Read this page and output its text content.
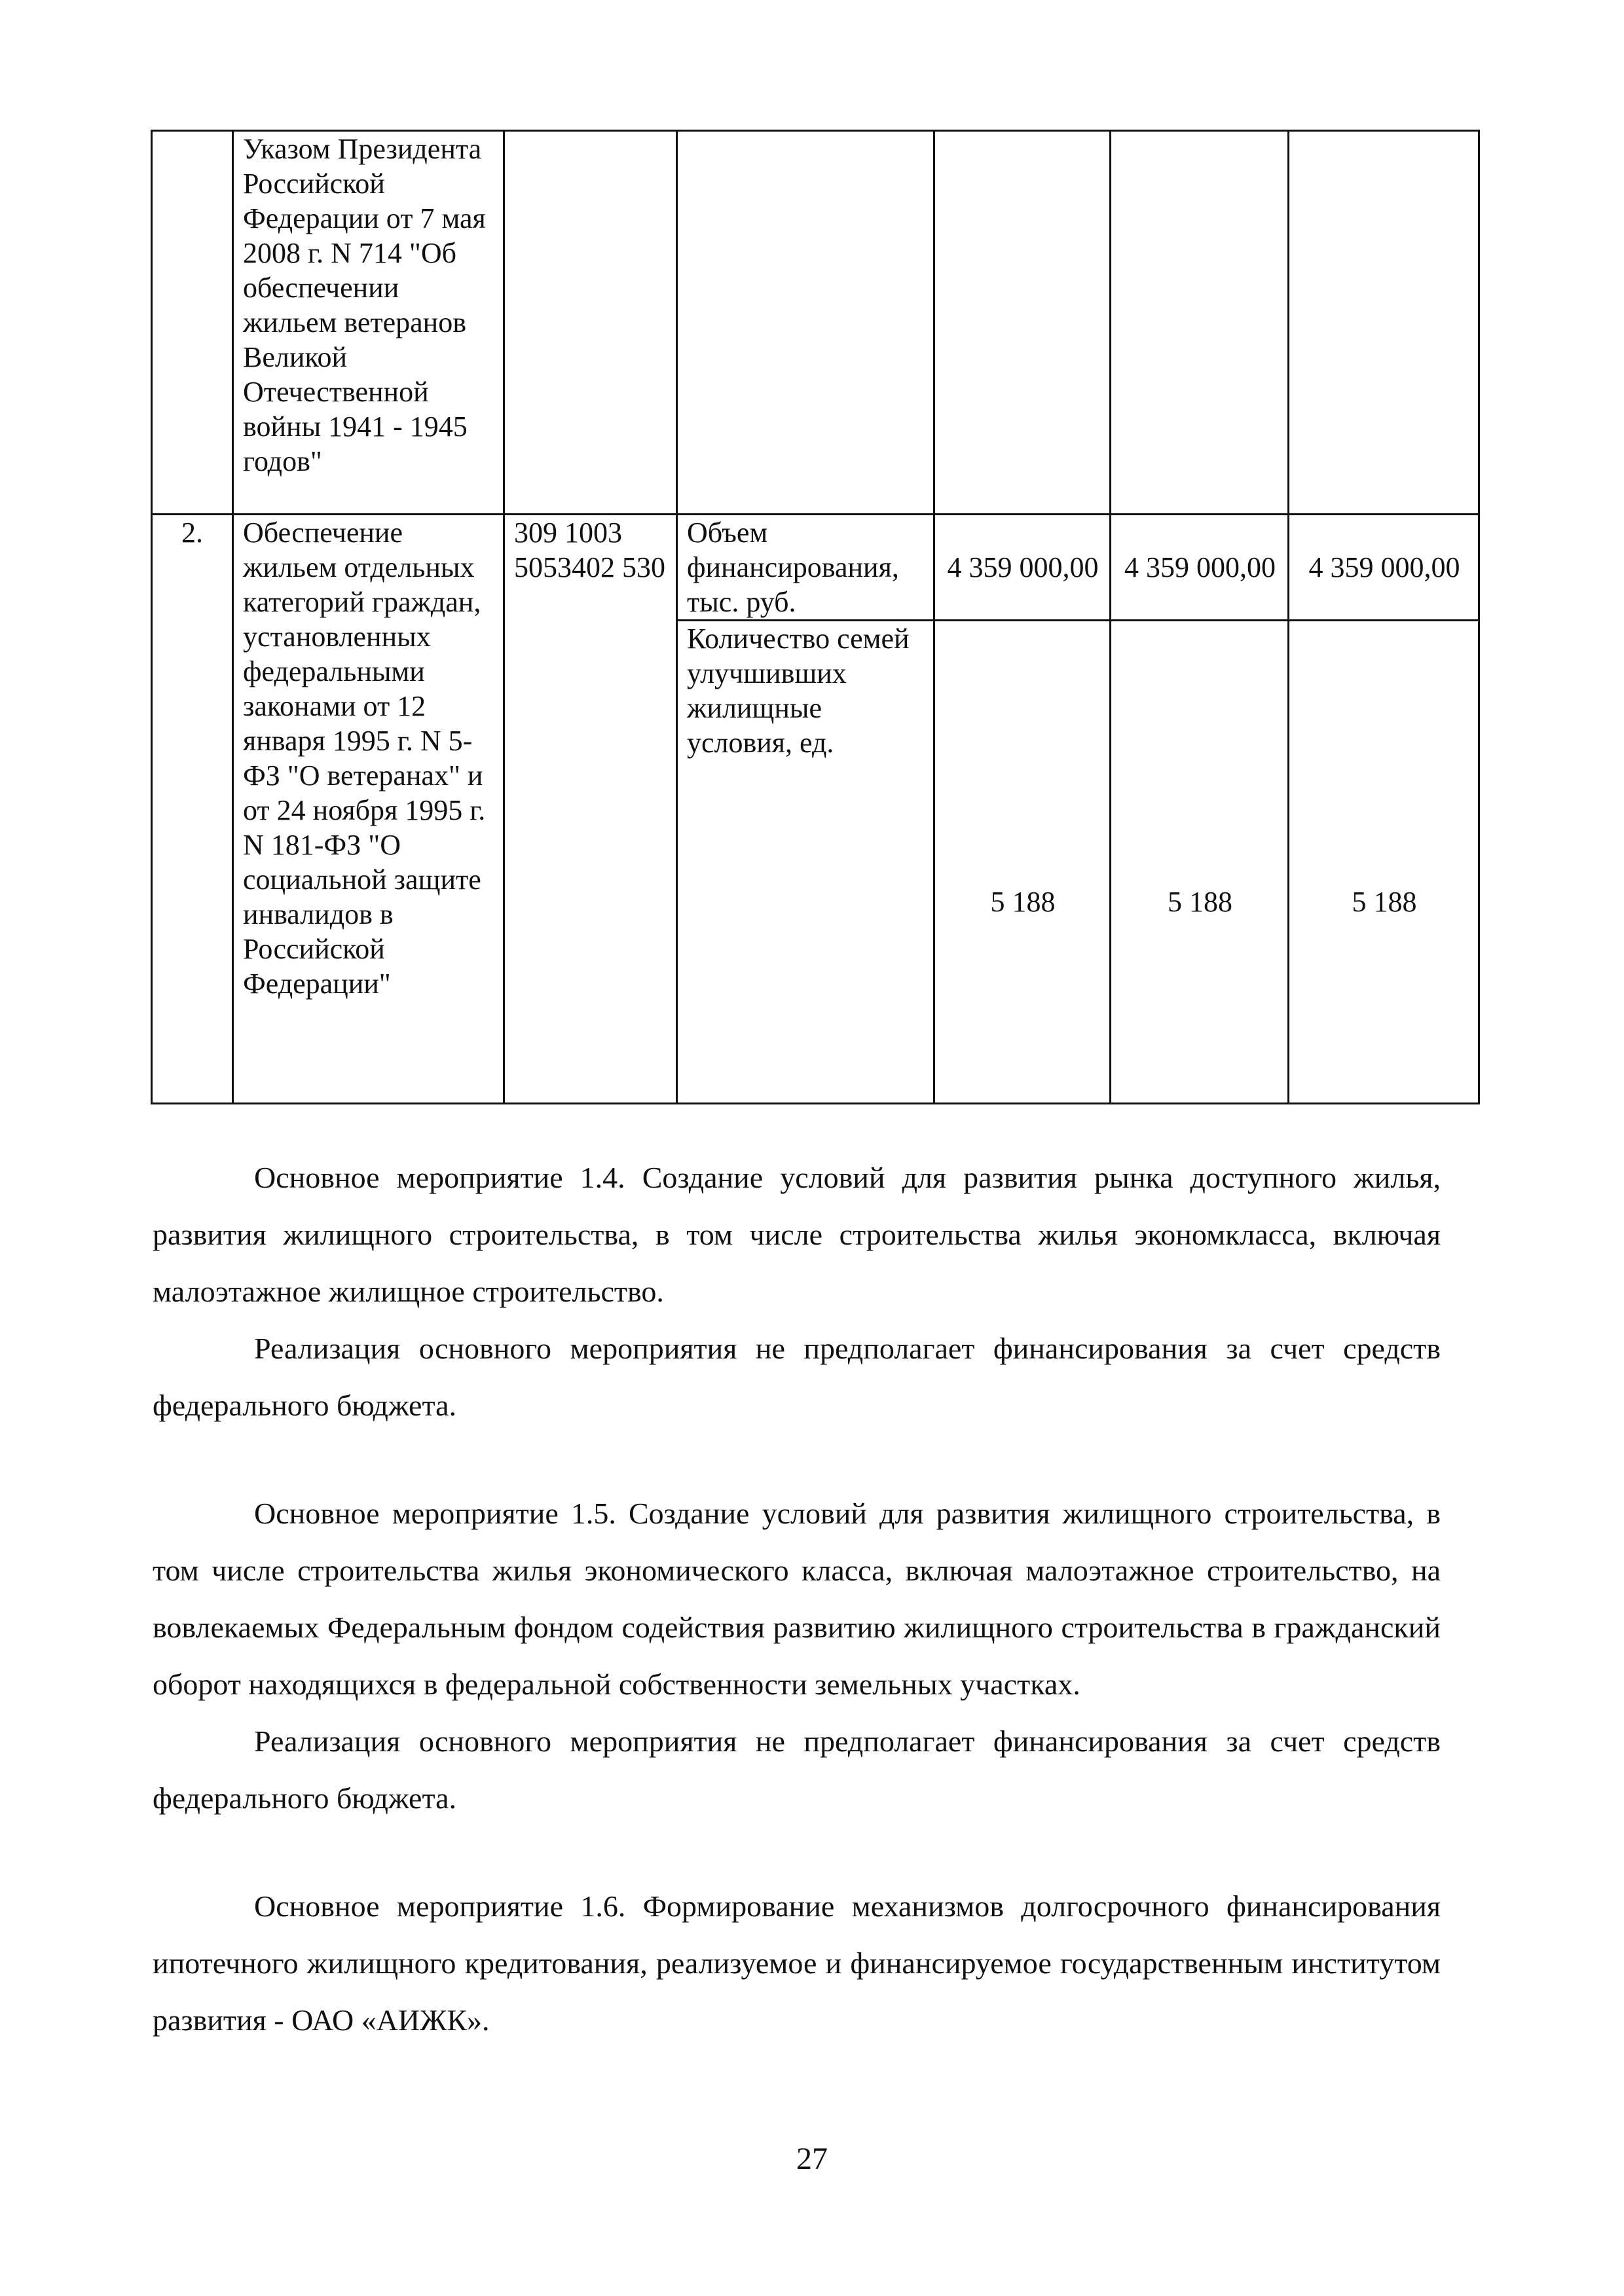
	Указом Президента Российской Федерации от 7 мая 2008 г. N 714 "Об обеспечении жильем ветеранов Великой Отечественной войны 1941 - 1945 годов"					
2.	Обеспечение жильем отдельных категорий граждан, установленных федеральными законами от 12 января 1995 г. N 5-ФЗ "О ветеранах" и от 24 ноября 1995 г. N 181-ФЗ "О социальной защите инвалидов в Российской Федерации"	309 1003 5053402 530	Объем финансирования, тыс. руб.	4 359 000,00	4 359 000,00	4 359 000,00
			Количество семей улучшивших жилищные условия, ед.	5 188	5 188	5 188

Основное мероприятие 1.4. Создание условий для развития рынка доступного жилья, развития жилищного строительства, в том числе строительства жилья экономкласса, включая малоэтажное жилищное строительство.

Реализация основного мероприятия не предполагает финансирования за счет средств федерального бюджета.

Основное мероприятие 1.5. Создание условий для развития жилищного строительства, в том числе строительства жилья экономического класса, включая малоэтажное строительство, на вовлекаемых Федеральным фондом содействия развитию жилищного строительства в гражданский оборот находящихся в федеральной собственности земельных участках.

Реализация основного мероприятия не предполагает финансирования за счет средств федерального бюджета.

Основное мероприятие 1.6. Формирование механизмов долгосрочного финансирования ипотечного жилищного кредитования, реализуемое и финансируемое государственным институтом развития - ОАО «АИЖК».

27
